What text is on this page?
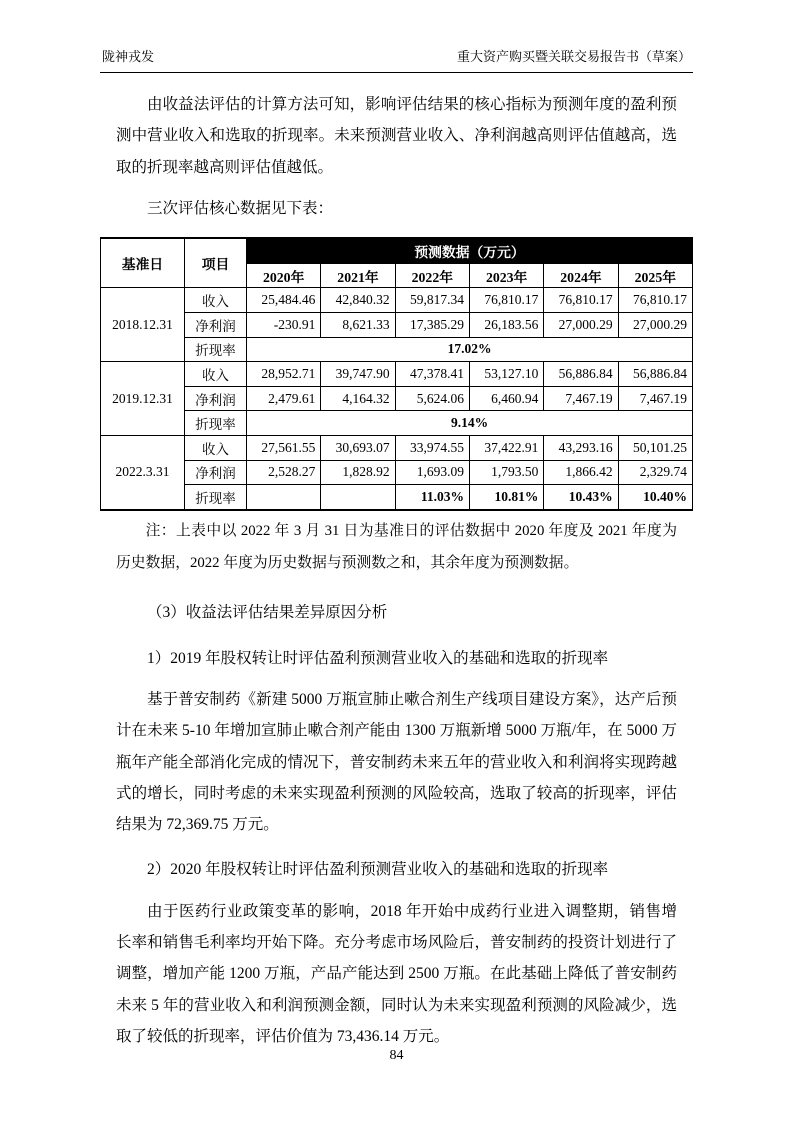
陇神戎发	重大资产购买暨关联交易报告书（草案）

由收益法评估的计算方法可知，影响评估结果的核心指标为预测年度的盈利预测中营业收入和选取的折现率。未来预测营业收入、净利润越高则评估值越高，选取的折现率越高则评估值越低。

三次评估核心数据见下表：

基准日	项目	预测数据（万元）					
		2020年	2021年	2022年	2023年	2024年	2025年
2018.12.31	收入	25,484.46	42,840.32	59,817.34	76,810.17	76,810.17	76,810.17
	净利润	-230.91	8,621.33	17,385.29	26,183.56	27,000.29	27,000.29
	折现率	17.02%					
2019.12.31	收入	28,952.71	39,747.90	47,378.41	53,127.10	56,886.84	56,886.84
	净利润	2,479.61	4,164.32	5,624.06	6,460.94	7,467.19	7,467.19
	折现率	9.14%					
2022.3.31	收入	27,561.55	30,693.07	33,974.55	37,422.91	43,293.16	50,101.25
	净利润	2,528.27	1,828.92	1,693.09	1,793.50	1,866.42	2,329.74
	折现率			11.03%	10.81%	10.43%	10.40%

注：上表中以 2022 年 3 月 31 日为基准日的评估数据中 2020 年度及 2021 年度为历史数据，2022 年度为历史数据与预测数之和，其余年度为预测数据。

（3）收益法评估结果差异原因分析

1）2019 年股权转让时评估盈利预测营业收入的基础和选取的折现率

基于普安制药《新建 5000 万瓶宣肺止嗽合剂生产线项目建设方案》，达产后预计在未来 5-10 年增加宣肺止嗽合剂产能由 1300 万瓶新增 5000 万瓶/年，在 5000 万瓶年产能全部消化完成的情况下，普安制药未来五年的营业收入和利润将实现跨越式的增长，同时考虑的未来实现盈利预测的风险较高，选取了较高的折现率，评估结果为 72,369.75 万元。

2）2020 年股权转让时评估盈利预测营业收入的基础和选取的折现率

由于医药行业政策变革的影响，2018 年开始中成药行业进入调整期，销售增长率和销售毛利率均开始下降。充分考虑市场风险后，普安制药的投资计划进行了调整，增加产能 1200 万瓶，产品产能达到 2500 万瓶。在此基础上降低了普安制药未来 5 年的营业收入和利润预测金额，同时认为未来实现盈利预测的风险减少，选取了较低的折现率，评估价值为 73,436.14 万元。

84
